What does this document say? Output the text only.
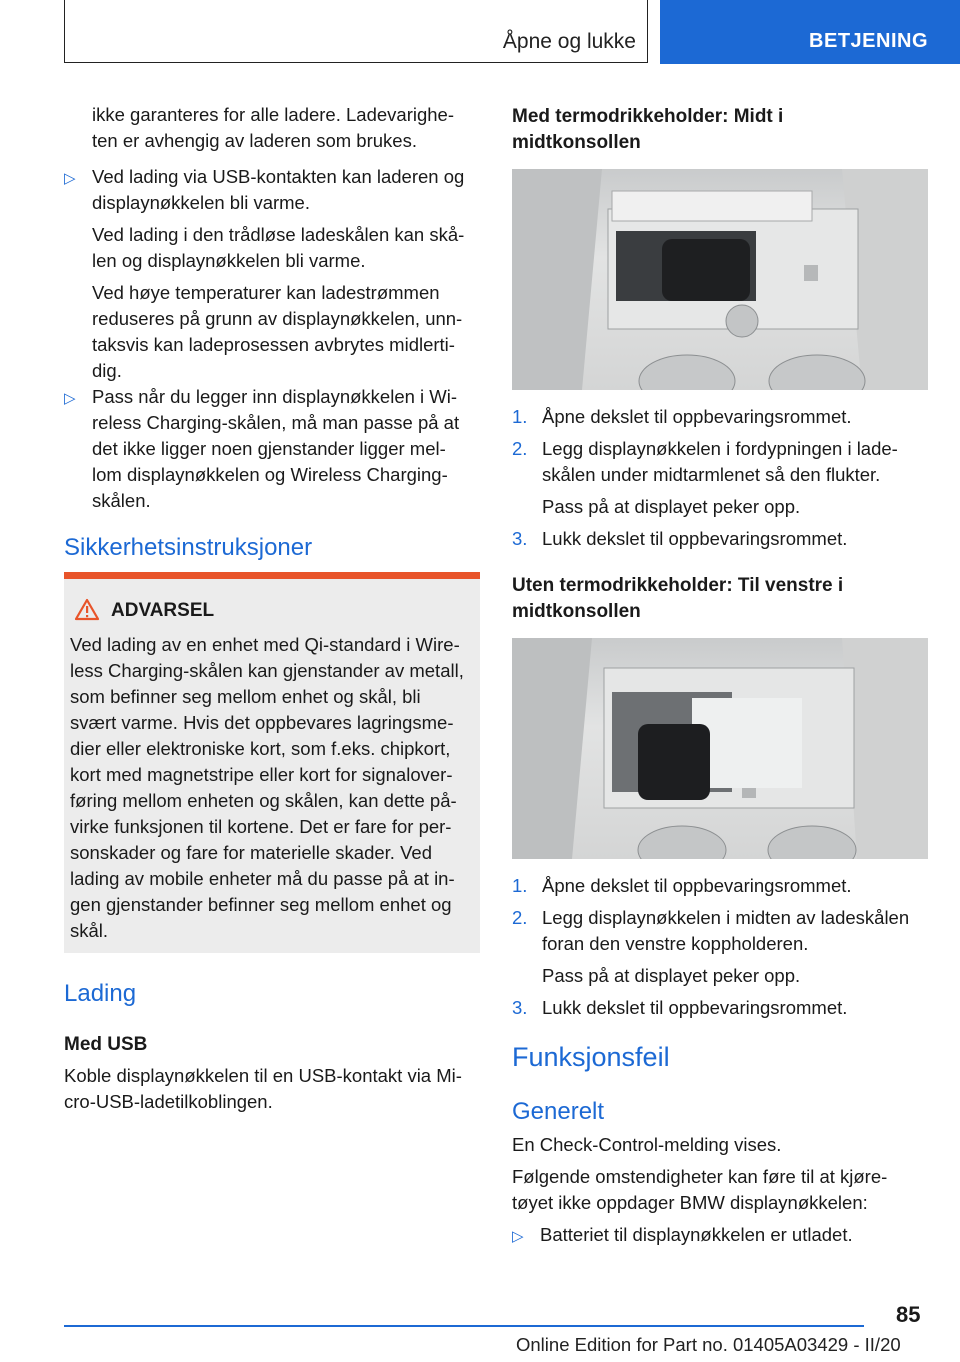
Åpne og lukke	BETJENING

ikke garanteres for alle ladere. Ladevarighe-

ten er avhengig av laderen som brukes.

▷ Ved lading via USB-kontakten kan laderen og

displaynøkkelen bli varme.

Ved lading i den trådløse ladeskålen kan skå-

len og displaynøkkelen bli varme.

Ved høye temperaturer kan ladestrømmen

reduseres på grunn av displaynøkkelen, unn-

taksvis kan ladeprosessen avbrytes midlerti-

dig.

▷ Pass når du legger inn displaynøkkelen i Wi-

reless Charging-skålen, må man passe på at

det ikke ligger noen gjenstander ligger mel-

lom displaynøkkelen og Wireless Charging-

skålen.

Sikkerhetsinstruksjoner
ADVARSEL

Ved lading av en enhet med Qi-standard i Wire-

less Charging-skålen kan gjenstander av metall,

som befinner seg mellom enhet og skål, bli

svært varme. Hvis det oppbevares lagringsme-

dier eller elektroniske kort, som f.eks. chipkort,

kort med magnetstripe eller kort for signalover-

føring mellom enheten og skålen, kan dette på-

virke funksjonen til kortene. Det er fare for per-

sonskader og fare for materielle skader. Ved

lading av mobile enheter må du passe på at in-

gen gjenstander befinner seg mellom enhet og

skål.

Lading
Med USB

Koble displaynøkkelen til en USB-kontakt via Mi-

cro-USB-ladetilkoblingen.

Med termodrikkeholder: Midt i
midtkonsollen
1. Åpne dekslet til oppbevaringsrommet.

2. Legg displaynøkkelen i fordypningen i lade-

skålen under midtarmlenet så den flukter.

Pass på at displayet peker opp.

3. Lukk dekslet til oppbevaringsrommet.

Uten termodrikkeholder: Til venstre i
midtkonsollen
1. Åpne dekslet til oppbevaringsrommet.

2. Legg displaynøkkelen i midten av ladeskålen

foran den venstre koppholderen.

Pass på at displayet peker opp.

3. Lukk dekslet til oppbevaringsrommet.

Funksjonsfeil
Generelt

En Check-Control-melding vises.

Følgende omstendigheter kan føre til at kjøre-

tøyet ikke oppdager BMW displaynøkkelen:

▷ Batteriet til displaynøkkelen er utladet.

85
Online Edition for Part no. 01405A03429 - II/20
